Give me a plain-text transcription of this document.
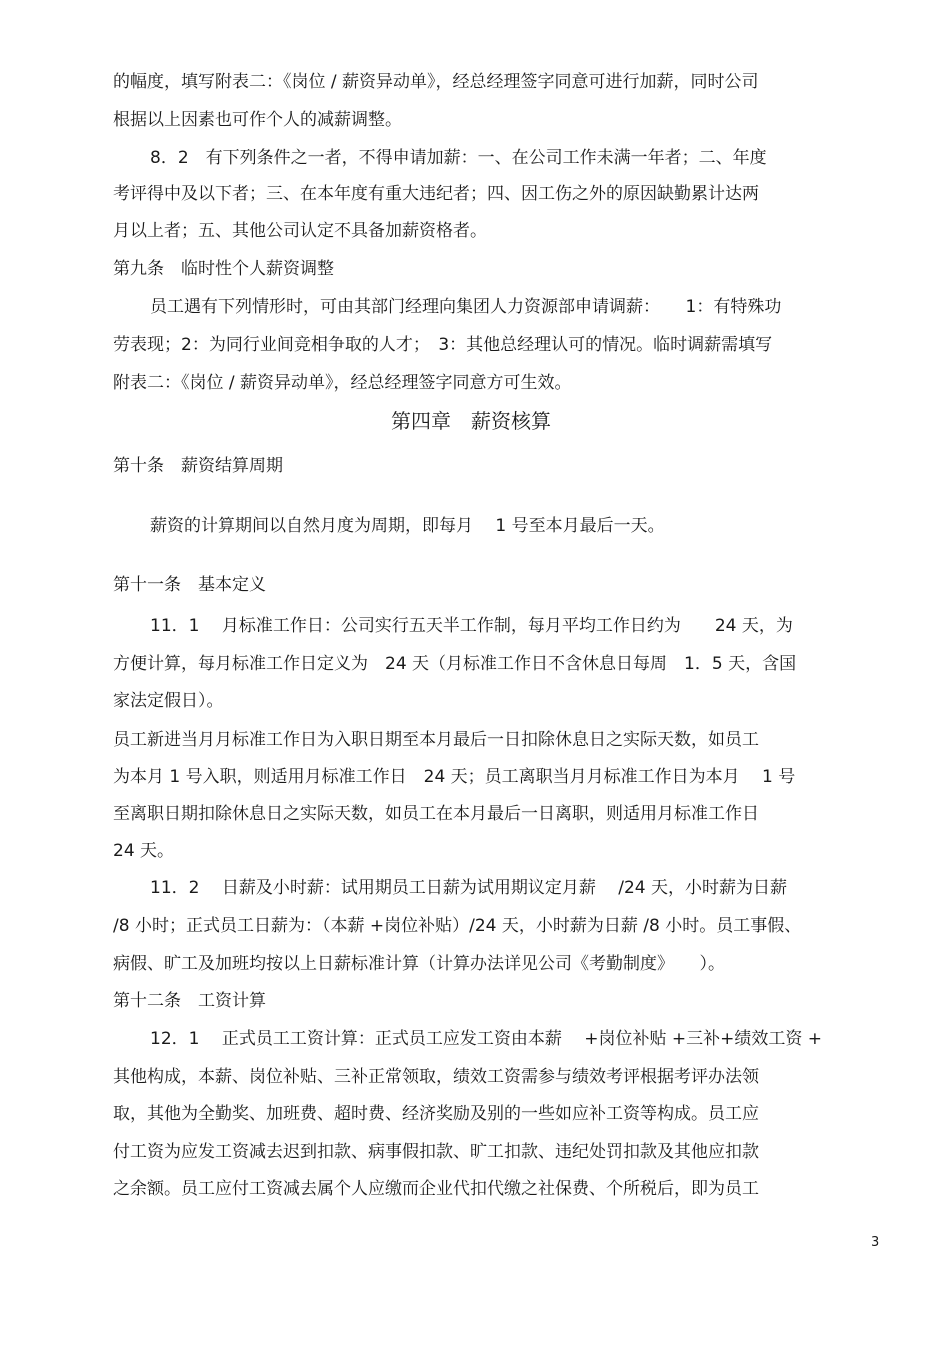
的幅度，填写附表二：《岗位 / 薪资异动单》，经总经理签字同意可进行加薪，同时公司
根据以上因素也可作个人的减薪调整。
8．2　有下列条件之一者，不得申请加薪：一、在公司工作未满一年者；二、年度
考评得中及以下者；三、在本年度有重大违纪者；四、因工伤之外的原因缺勤累计达两
月以上者；五、其他公司认定不具备加薪资格者。
第九条　临时性个人薪资调整
员工遇有下列情形时，可由其部门经理向集团人力资源部申请调薪：　　1：有特殊功
劳表现；2：为同行业间竞相争取的人才；　3：其他总经理认可的情况。临时调薪需填写
附表二：《岗位 / 薪资异动单》，经总经理签字同意方可生效。
第四章　薪资核算
第十条　薪资结算周期
薪资的计算期间以自然月度为周期，即每月　 1 号至本月最后一天。
第十一条　基本定义
11．1　 月标准工作日：公司实行五天半工作制，每月平均工作日约为　　24 天，为
方便计算，每月标准工作日定义为　24 天（月标准工作日不含休息日每周　1．5 天，含国
家法定假日）。
员工新进当月月标准工作日为入职日期至本月最后一日扣除休息日之实际天数，如员工
为本月 1 号入职，则适用月标准工作日　24 天；员工离职当月月标准工作日为本月　 1 号
至离职日期扣除休息日之实际天数，如员工在本月最后一日离职，则适用月标准工作日
24 天。
11．2　 日薪及小时薪：试用期员工日薪为试用期议定月薪　 /24 天，小时薪为日薪
/8 小时；正式员工日薪为：（本薪 +岗位补贴）/24 天，小时薪为日薪 /8 小时。员工事假、
病假、旷工及加班均按以上日薪标准计算（计算办法详见公司《考勤制度》　　）。
第十二条　工资计算
12．1　 正式员工工资计算：正式员工应发工资由本薪　 +岗位补贴 +三补+绩效工资 +
其他构成，本薪、岗位补贴、三补正常领取，绩效工资需参与绩效考评根据考评办法领
取，其他为全勤奖、加班费、超时费、经济奖励及别的一些如应补工资等构成。员工应
付工资为应发工资减去迟到扣款、病事假扣款、旷工扣款、违纪处罚扣款及其他应扣款
之余额。员工应付工资减去属个人应缴而企业代扣代缴之社保费、个所税后，即为员工
3
